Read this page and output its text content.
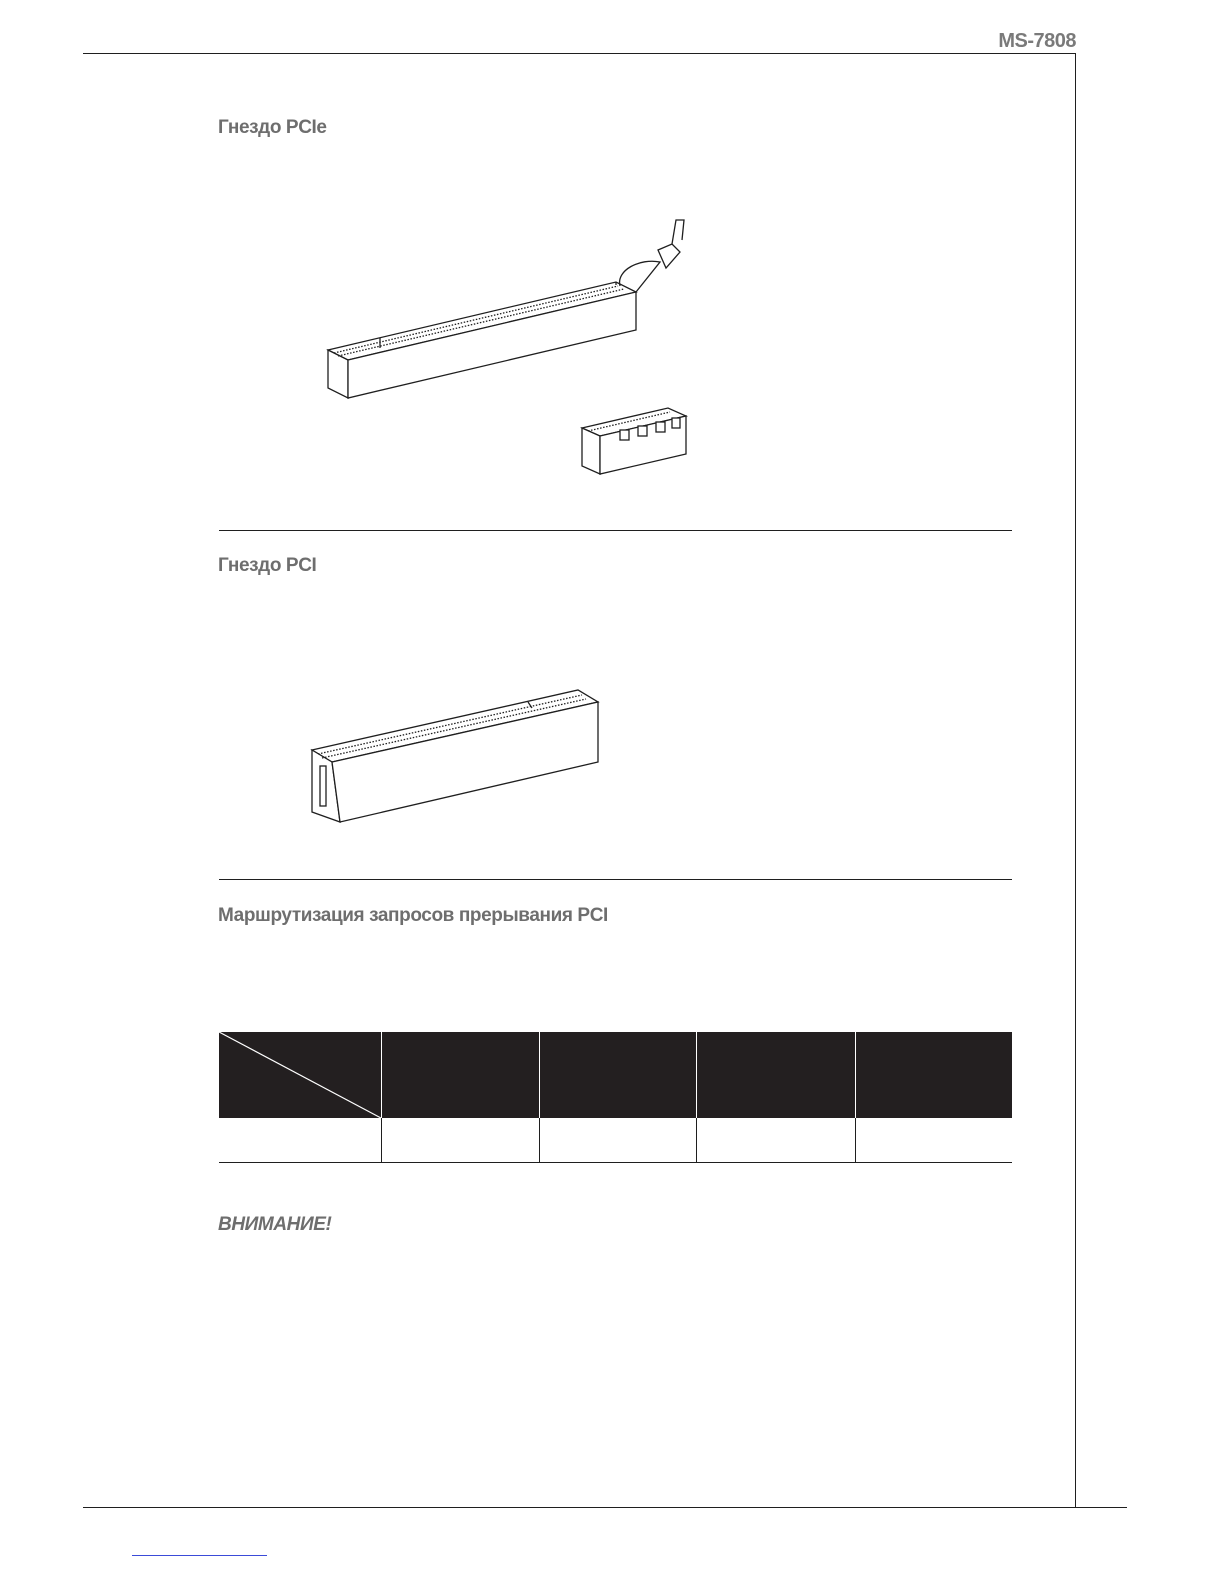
MS-7808
Гнездо PCIe
Гнездо PCI
Маршрутизация запросов прерывания PCI

ВНИМАНИЕ!
